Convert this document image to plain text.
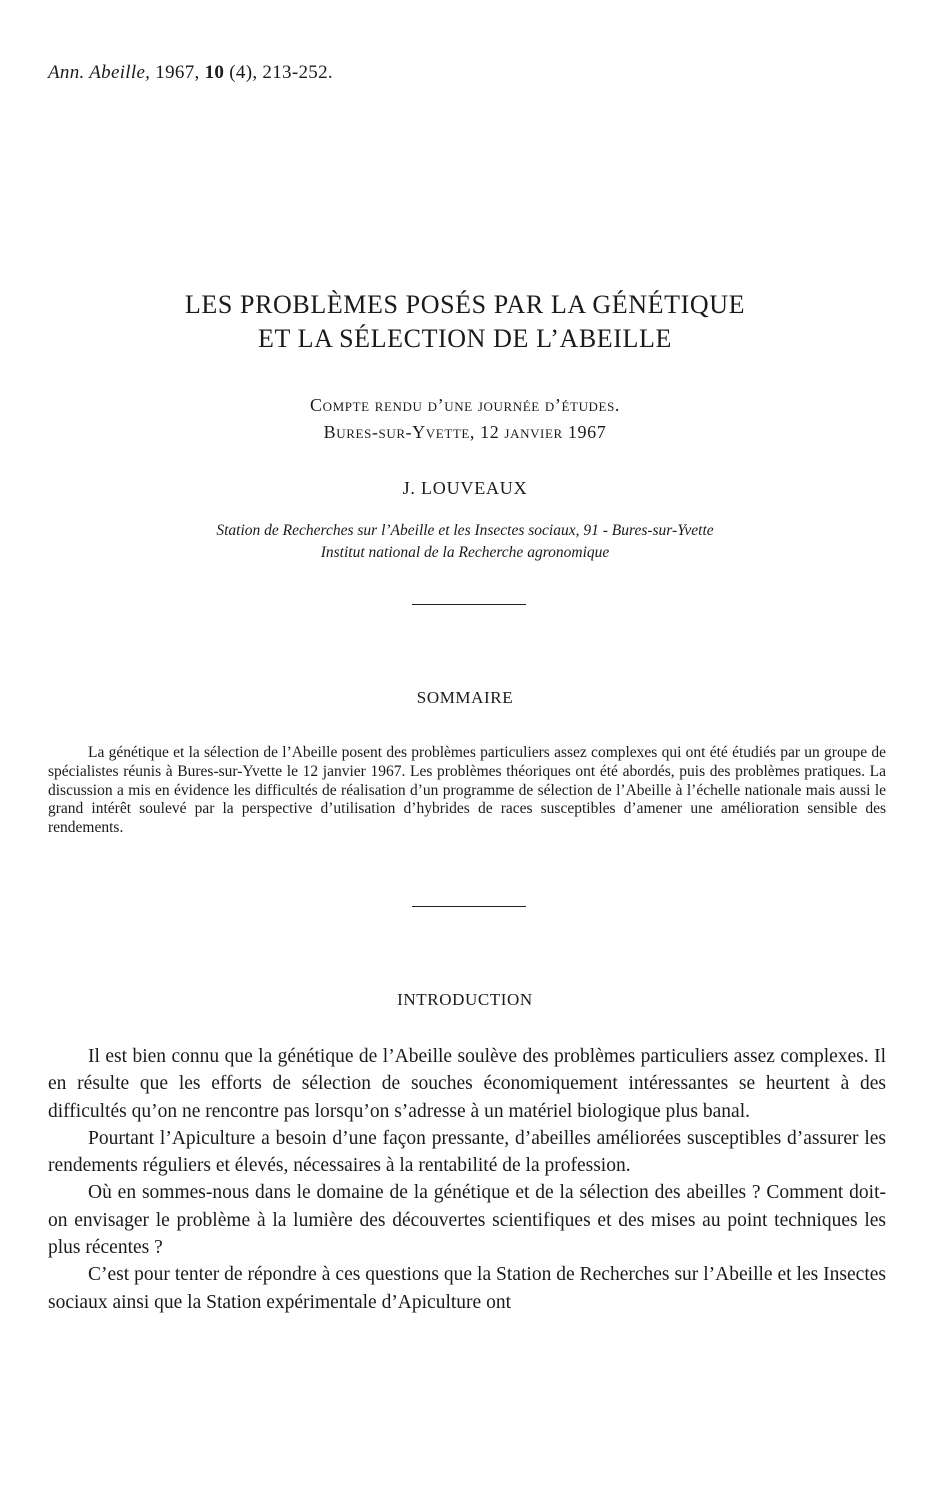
Ann. Abeille, 1967, 10 (4), 213-252.
LES PROBLÈMES POSÉS PAR LA GÉNÉTIQUE
ET LA SÉLECTION DE L’ABEILLE
Compte rendu d’une journée d’études.
Bures-sur-Yvette, 12 janvier 1967
J. LOUVEAUX
Station de Recherches sur l’Abeille et les Insectes sociaux, 91 - Bures-sur-Yvette
Institut national de la Recherche agronomique
SOMMAIRE

La génétique et la sélection de l’Abeille posent des problèmes particuliers assez complexes qui ont été étudiés par un groupe de spécialistes réunis à Bures-sur-Yvette le 12 janvier 1967. Les problèmes théoriques ont été abordés, puis des problèmes pratiques. La discussion a mis en évidence les difficultés de réalisation d’un programme de sélection de l’Abeille à l’échelle nationale mais aussi le grand intérêt soulevé par la perspective d’utilisation d’hybrides de races susceptibles d’amener une amélioration sensible des rendements.

INTRODUCTION

Il est bien connu que la génétique de l’Abeille soulève des problèmes particuliers assez complexes. Il en résulte que les efforts de sélection de souches économiquement intéressantes se heurtent à des difficultés qu’on ne rencontre pas lorsqu’on s’adresse à un matériel biologique plus banal.

Pourtant l’Apiculture a besoin d’une façon pressante, d’abeilles améliorées susceptibles d’assurer les rendements réguliers et élevés, nécessaires à la rentabilité de la profession.

Où en sommes-nous dans le domaine de la génétique et de la sélection des abeilles ? Comment doit-on envisager le problème à la lumière des découvertes scientifiques et des mises au point techniques les plus récentes ?

C’est pour tenter de répondre à ces questions que la Station de Recherches sur l’Abeille et les Insectes sociaux ainsi que la Station expérimentale d’Apiculture ont
